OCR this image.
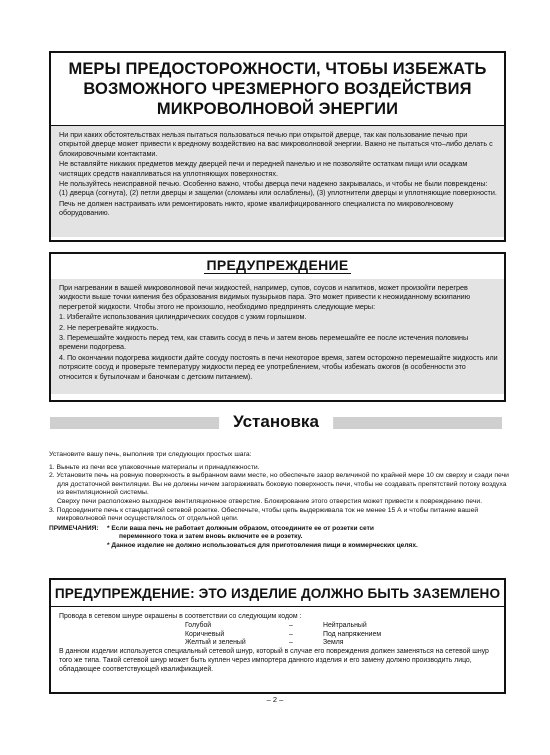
МЕРЫ ПРЕДОСТОРОЖНОСТИ, ЧТОБЫ ИЗБЕЖАТЬ
ВОЗМОЖНОГО ЧРЕЗМЕРНОГО ВОЗДЕЙСТВИЯ
МИКРОВОЛНОВОЙ ЭНЕРГИИ

Ни при каких обстоятельствах нельзя пытаться пользоваться печью при открытой дверце, так как пользование печью при открытой дверце может привести к вредному воздействию на вас микроволновой энергии. Важно не пытаться что–либо делать с блокировочными контактами.

Не вставляйте никаких предметов между дверцей печи и передней панелью и не позволяйте остаткам пищи или осадкам чистящих средств накапливаться на уплотняющих поверхностях.

Не пользуйтесь неисправной печью. Особенно важно, чтобы дверца печи надежно закрывалась, и чтобы не были повреждены: (1) дверца (согнута), (2) петли дверцы и защелки (сломаны или ослаблены), (3) уплотнители дверцы и уплотняющие поверхности.

Печь не должен настраивать или ремонтировать никто, кроме квалифицированного специалиста по микроволновому оборудованию.

ПРЕДУПРЕЖДЕНИЕ

При нагревании в вашей микроволновой печи жидкостей, например, супов, соусов и напитков, может произойти перегрев жидкости выше точки кипения без образования видимых пузырьков пара. Это может привести к неожиданному вскипанию перегретой жидкости. Чтобы этого не произошло, необходимо предпринять следующие меры:

1. Избегайте использования цилиндрических сосудов с узким горлышком.

2. Не перегревайте жидкость.

3. Перемешайте жидкость перед тем, как ставить сосуд в печь и затем вновь перемешайте ее после истечения половины времени подогрева.

4. По окончании подогрева жидкости дайте сосуду постоять в печи некоторое время, затем осторожно перемешайте жидкость или потрясите сосуд и проверьте температуру жидкости перед ее употреблением, чтобы избежать ожогов (в особенности это относится к бутылочкам и баночкам с детским питанием).

Установка

Установите вашу печь, выполнив три следующих простых шага:

1. Выньте из печи все упаковочные материалы и принадлежности.

2. Установите печь на ровную поверхность в выбранном вами месте, но обеспечьте зазор величиной по крайней мере 10 см сверху и сзади печи для достаточной вентиляции. Вы не должны ничем загораживать боковую поверхность печи, чтобы не создавать препятствий потоку воздуха из вентиляционной системы.

Сверху печи расположено выходное вентиляционное отверстие. Блокирование этого отверстия может привести к повреждению печи.

3. Подсоедините печь к стандартной сетевой розетке. Обеспечьте, чтобы цепь выдерживала ток не менее 15 А и чтобы питание вашей микроволновой печи осуществлялось от отдельной цепи.

ПРИМЕЧАНИЯ:	* Если ваша печь не работает должным образом, отсоедините ее от розетки сети
переменного тока и затем вновь включите ее в розетку.
* Данное изделие не должно использоваться для приготовления пищи в коммерческих целях.
ПРЕДУПРЕЖДЕНИЕ: ЭТО ИЗДЕЛИЕ ДОЛЖНО БЫТЬ ЗАЗЕМЛЕНО

Провода в сетевом шнуре окрашены в соответствии со следующим кодом :

Голубой	–	Нейтральный
Коричневый	–	Под напряжением
Желтый и зеленый	–	Земля

В данном изделии используется специальный сетевой шнур, который в случае его повреждения должен заменяться на сетевой шнур того же типа. Такой сетевой шнур может быть куплен через импортера данного изделия и его замену должно производить лицо, обладающее соответствующей квалификацией.

– 2 –
